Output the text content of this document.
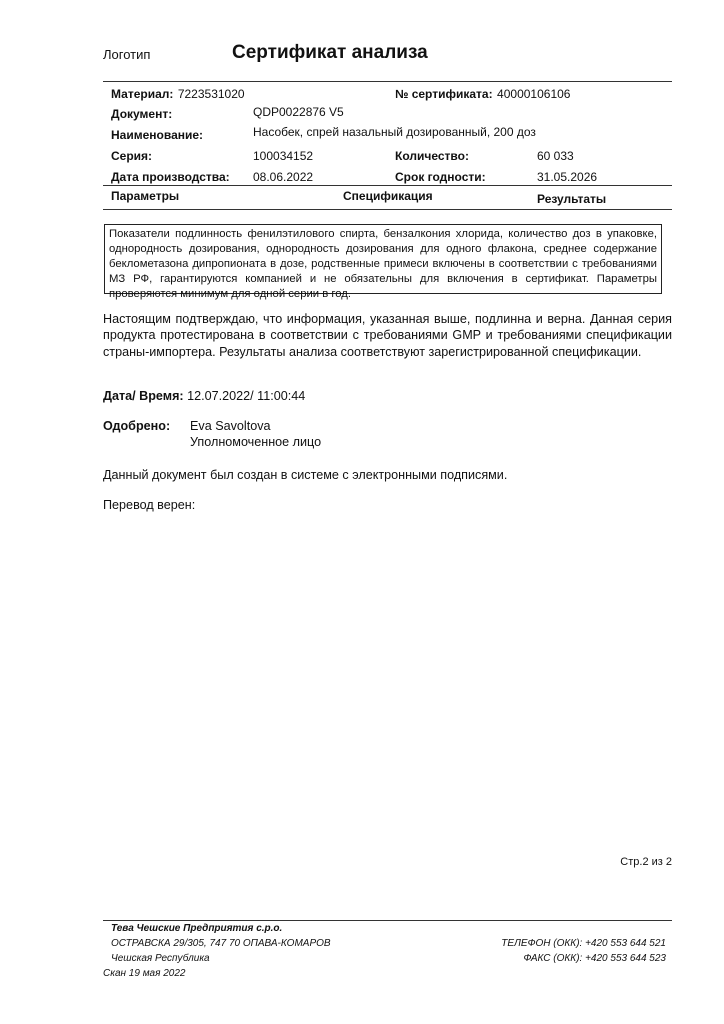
Логотип	Сертификат анализа
Материал: 7223531020	№ сертификата: 40000106106
Документ:	QDP0022876 V5
Наименование:	Насобек, спрей назальный дозированный, 200 доз
Серия:	100034152	Количество:	60 033
Дата производства: 08.06.2022	Срок годности:	31.05.2026
Параметры	Спецификация	Результаты
Показатели подлинность фенилэтилового спирта, бензалкония хлорида, количество доз в упаковке, однородность дозирования, однородность дозирования для одного флакона, среднее содержание беклометазона дипропионата в дозе, родственные примеси включены в соответствии с требованиями МЗ РФ, гарантируются компанией и не обязательны для включения в сертификат. Параметры проверяются минимум для одной серии в год.
Настоящим подтверждаю, что информация, указанная выше, подлинна и верна. Данная серия продукта протестирована в соответствии с требованиями GMP и требованиями спецификации страны-импортера. Результаты анализа соответствуют зарегистрированной спецификации.
Дата/ Время: 12.07.2022/ 11:00:44
Одобрено: Eva Savoltova
Уполномоченное лицо
Данный документ был создан в системе с электронными подписями.
Перевод верен:
Стр.2 из 2
Тева Чешские Предприятия с.р.о.
ОСТРАВСКА 29/305, 747 70 ОПАВА-КОМАРОВ
Чешская Республика
Скан 19 мая 2022
ТЕЛЕФОН (ОКК): +420 553 644 521
ФАКС (ОКК): +420 553 644 523
